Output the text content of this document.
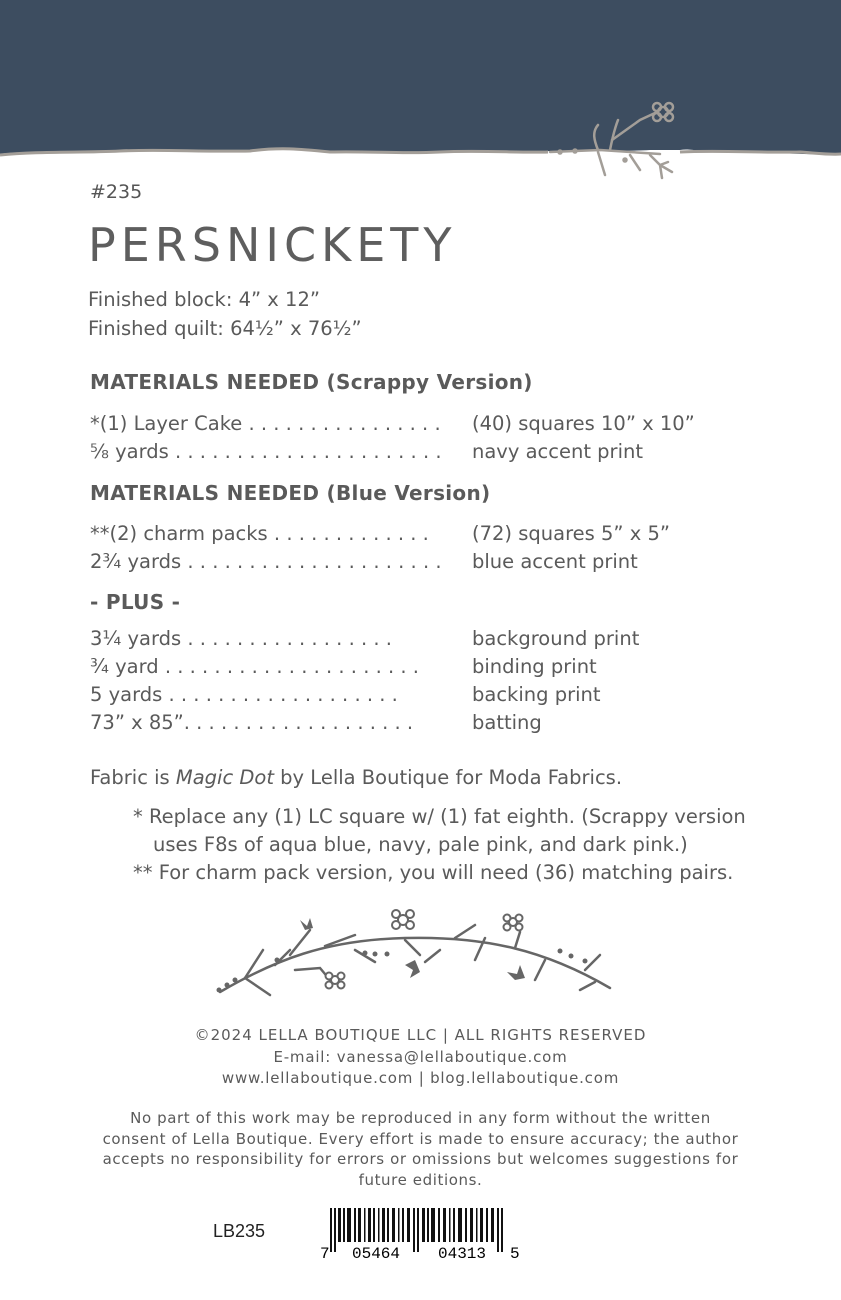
#235
PERSNICKETY
Finished block: 4” x 12”
Finished quilt: 64½” x 76½”
MATERIALS NEEDED (Scrappy Version)
*(1) Layer Cake . . . . . . . . . . . . . . . . (40) squares 10” x 10”
⅝ yards . . . . . . . . . . . . . . . . . . . . . . navy accent print
MATERIALS NEEDED (Blue Version)
**(2) charm packs . . . . . . . . . . . . . (72) squares 5” x 5”
2¾ yards . . . . . . . . . . . . . . . . . . . . . blue accent print
- PLUS -
3¼ yards . . . . . . . . . . . . . . . . .	background print
¾ yard . . . . . . . . . . . . . . . . . . . . .	binding print
5 yards . . . . . . . . . . . . . . . . . . .	backing print
73” x 85”. . . . . . . . . . . . . . . . . . .	batting
Fabric is Magic Dot by Lella Boutique for Moda Fabrics.
* Replace any (1) LC square w/ (1) fat eighth. (Scrappy version
uses F8s of aqua blue, navy, pale pink, and dark pink.)
** For charm pack version, you will need (36) matching pairs.
©2024 LELLA BOUTIQUE LLC | ALL RIGHTS RESERVED
E-mail: vanessa@lellaboutique.com
www.lellaboutique.com | blog.lellaboutique.com
No part of this work may be reproduced in any form without the written consent of Lella Boutique. Every effort is made to ensure accuracy; the author accepts no responsibility for errors or omissions but welcomes suggestions for future editions.
LB235
7 05464 04313 5
